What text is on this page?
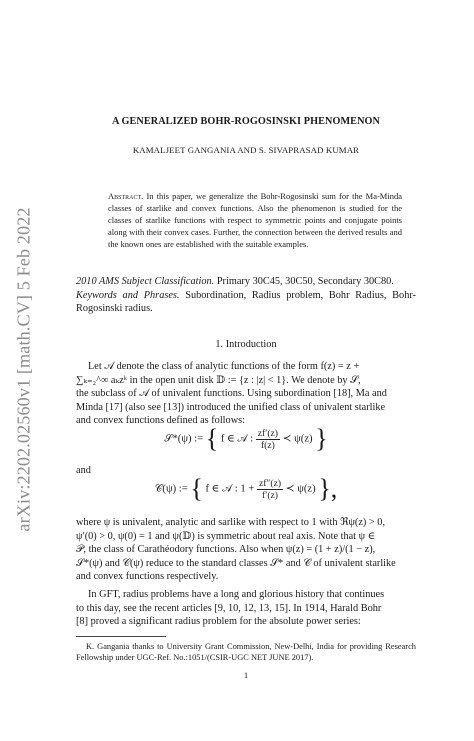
arXiv:2202.02560v1 [math.CV] 5 Feb 2022
A GENERALIZED BOHR-ROGOSINSKI PHENOMENON
KAMALJEET GANGANIA AND S. SIVAPRASAD KUMAR
Abstract. In this paper, we generalize the Bohr-Rogosinski sum for the Ma-Minda classes of starlike and convex functions. Also the phenomenon is studied for the classes of starlike functions with respect to symmetric points and conjugate points along with their convex cases. Further, the connection between the derived results and the known ones are established with the suitable examples.

2010 AMS Subject Classification. Primary 30C45, 30C50, Secondary 30C80.

Keywords and Phrases. Subordination, Radius problem, Bohr Radius, Bohr-Rogosinski radius.

1. Introduction
Let 𝒜 denote the class of analytic functions of the form f(z) = z +
∑ₖ₌₂^∞ aₖzᵏ in the open unit disk 𝔻 := {z : |z| < 1}. We denote by 𝒮,
the subclass of 𝒜 of univalent functions. Using subordination [18], Ma and
Minda [17] (also see [13]) introduced the unified class of univalent starlike
and convex functions defined as follows:
𝒮*(ψ) := { f ∈ 𝒜 : $\frac{zf'(z)}{f(z)}$ ≺ ψ(z) }
and
𝒞(ψ) := { f ∈ 𝒜 : $1 + \frac{zf''(z)}{f'(z)}$ ≺ ψ(z) },
where ψ is univalent, analytic and sarlike with respect to 1 with ℜψ(z) > 0,
ψ′(0) > 0, ψ(0) = 1 and ψ(𝔻) is symmetric about real axis. Note that ψ ∈
𝒫, the class of Carathéodory functions. Also when ψ(z) = (1 + z)/(1 − z),
𝒮*(ψ) and 𝒞(ψ) reduce to the standard classes 𝒮* and 𝒞 of univalent starlike
and convex functions respectively.
In GFT, radius problems have a long and glorious history that continues
to this day, see the recent articles [9, 10, 12, 13, 15]. In 1914, Harald Bohr
[8] proved a significant radius problem for the absolute power series:

K. Gangania thanks to University Grant Commission, New-Delhi, India for providing Research Fellowship under UGC-Ref. No.:1051/(CSIR-UGC NET JUNE 2017).

1
